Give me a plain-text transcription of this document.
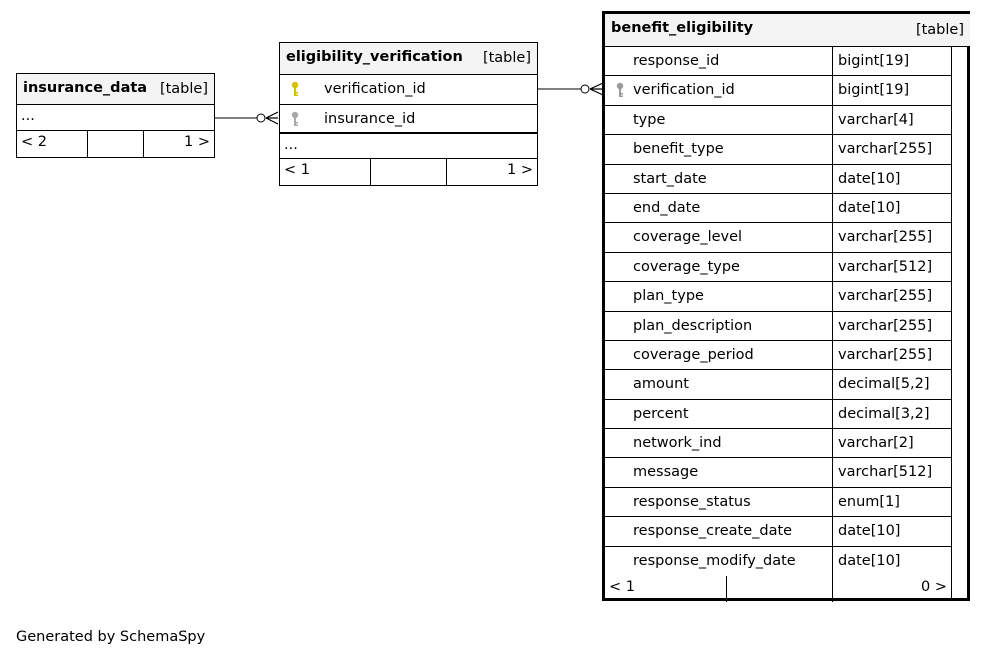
insurance_data [table]
...
< 2	1 >
eligibility_verification [table]
verification_id
insurance_id
...
< 1	1 >
benefit_eligibility	[table]
response_id	bigint[19]
verification_id	bigint[19]
type	varchar[4]
benefit_type	varchar[255]
start_date	date[10]
end_date	date[10]
coverage_level	varchar[255]
coverage_type	varchar[512]
plan_type	varchar[255]
plan_description	varchar[255]
coverage_period	varchar[255]
amount	decimal[5,2]
percent	decimal[3,2]
network_ind	varchar[2]
message	varchar[512]
response_status	enum[1]
response_create_date	date[10]
response_modify_date	date[10]
< 1	0 >
Generated by SchemaSpy
